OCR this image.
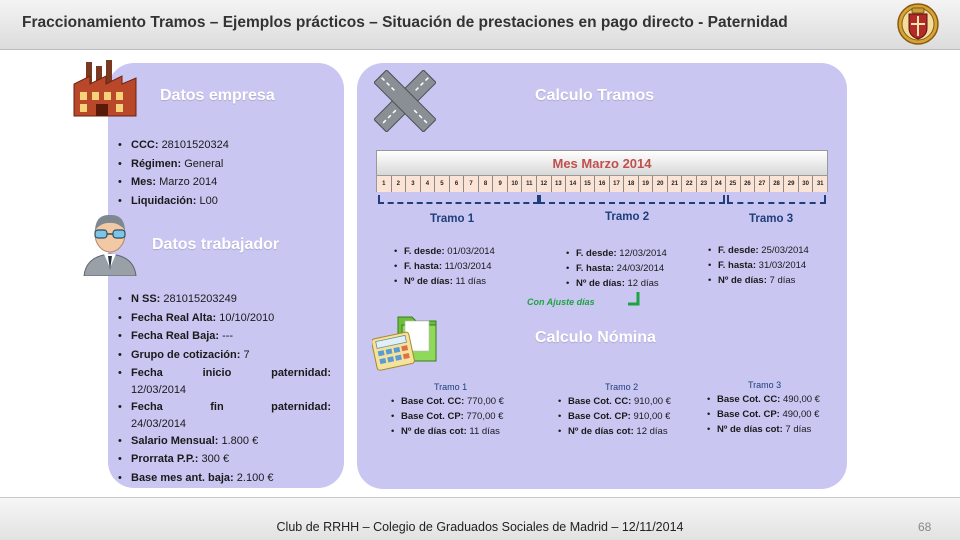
Fraccionamiento Tramos – Ejemplos prácticos – Situación de prestaciones en pago directo - Paternidad
Datos empresa
• CCC: 28101520324
• Régimen: General
• Mes: Marzo 2014
• Liquidación: L00
Datos trabajador
• N SS: 281015203249
• Fecha Real Alta: 10/10/2010
• Fecha Real Baja: ---
• Grupo de cotización: 7
• Fecha	inicio	paternidad:
12/03/2014
• Fecha	fin	paternidad:
24/03/2014
• Salario Mensual: 1.800 €
• Prorrata P.P.: 300 €
• Base mes ant. baja: 2.100 €
Calculo Tramos
Mes Marzo 2014
1	2	3	4	5	6	7	8	9	10	11	12	13	14	15	16	17	18	19	20	21	22	23	24	25	26	27	28	29	30	31
Tramo 1	Tramo 2	Tramo 3
• F. desde: 01/03/2014
• F. hasta: 11/03/2014
• Nº de días: 11 días
• F. desde: 12/03/2014
• F. hasta: 24/03/2014
• Nº de días: 12 días
• F. desde: 25/03/2014
• F. hasta: 31/03/2014
• Nº de días: 7 días
Con Ajuste días
Calculo Nómina
Tramo 1	Tramo 2	Tramo 3
• Base Cot. CC: 770,00 €
• Base Cot. CP: 770,00 €
• Nº de días cot: 11 días
• Base Cot. CC: 910,00 €
• Base Cot. CP: 910,00 €
• Nº de días cot: 12 días
• Base Cot. CC: 490,00 €
• Base Cot. CP: 490,00 €
• Nº de días cot: 7 días
Club de RRHH – Colegio de Graduados Sociales de Madrid – 12/11/2014	68
